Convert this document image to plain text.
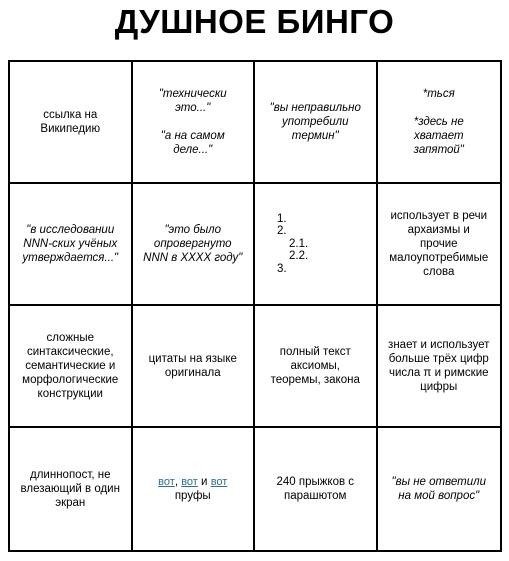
ДУШНОЕ БИНГО
ссылка на Википедию
"технически это..."
"а на самом деле..."
"вы неправильно употребили термин"
*ться
*здесь не хватает запятой"
"в исследовании NNN-ских учёных утверждается..."
"это было опровергнуто NNN в XXXX году"
1.
2.
2.1.
2.2.
3.
использует в речи архаизмы и прочие малоупотребимые слова
сложные синтаксические, семантические и морфологические конструкции
цитаты на языке оригинала
полный текст аксиомы, теоремы, закона
знает и использует больше трёх цифр числа π и римские цифры
длиннопост, не влезающий в один экран
вот, вот и вот
пруфы
240 прыжков с парашютом
"вы не ответили на мой вопрос"
